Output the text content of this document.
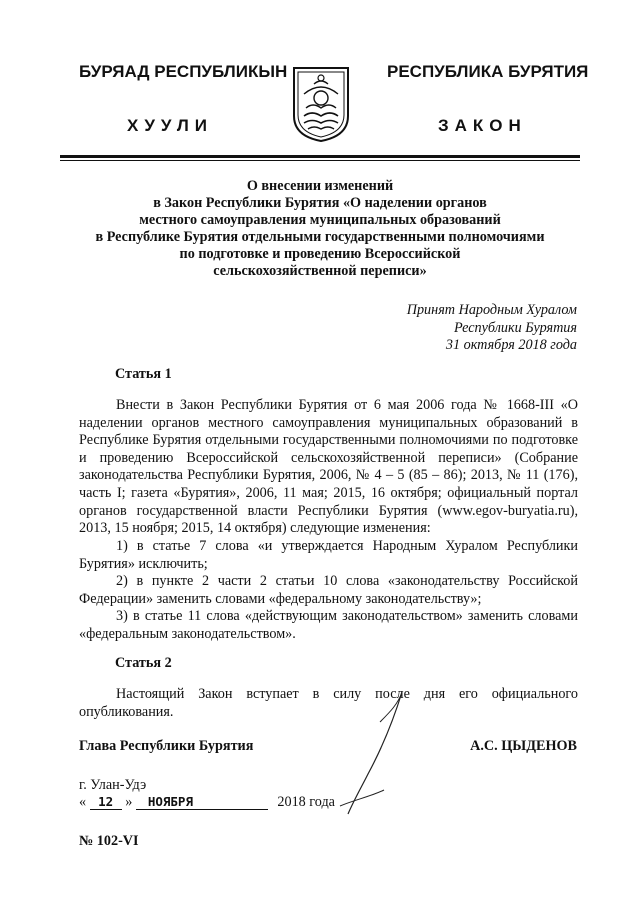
БУРЯАД РЕСПУБЛИКЫН
ХУУЛИ
РЕСПУБЛИКА БУРЯТИЯ
ЗАКОН
О внесении изменений
в Закон Республики Бурятия «О наделении органов
местного самоуправления муниципальных образований
в Республике Бурятия отдельными государственными полномочиями
по подготовке и проведению Всероссийской
сельскохозяйственной переписи»
Принят Народным Хуралом
Республики Бурятия
31 октября 2018 года
Статья 1
Внести в Закон Республики Бурятия от 6 мая 2006 года № 1668-III «О наделении органов местного самоуправления муниципальных образований в Республике Бурятия отдельными государственными полномочиями по подготовке и проведению Всероссийской сельскохозяйственной переписи» (Собрание законодательства Республики Бурятия, 2006, № 4 – 5 (85 – 86); 2013, № 11 (176), часть I; газета «Бурятия», 2006, 11 мая; 2015, 16 октября; официальный портал органов государственной власти Республики Бурятия (www.egov-buryatia.ru), 2013, 15 ноября; 2015, 14 октября) следующие изменения:
1) в статье 7 слова «и утверждается Народным Хуралом Республики Бурятия» исключить;
2) в пункте 2 части 2 статьи 10 слова «законодательству Российской Федерации» заменить словами «федеральному законодательству»;
3) в статье 11 слова «действующим законодательством» заменить словами «федеральным законодательством».
Статья 2
Настоящий Закон вступает в силу после дня его официального опубликования.
Глава Республики Бурятия	А.С. ЦЫДЕНОВ
г. Улан-Удэ
« 12 » НОЯБРЯ	2018 года
№ 102-VI
